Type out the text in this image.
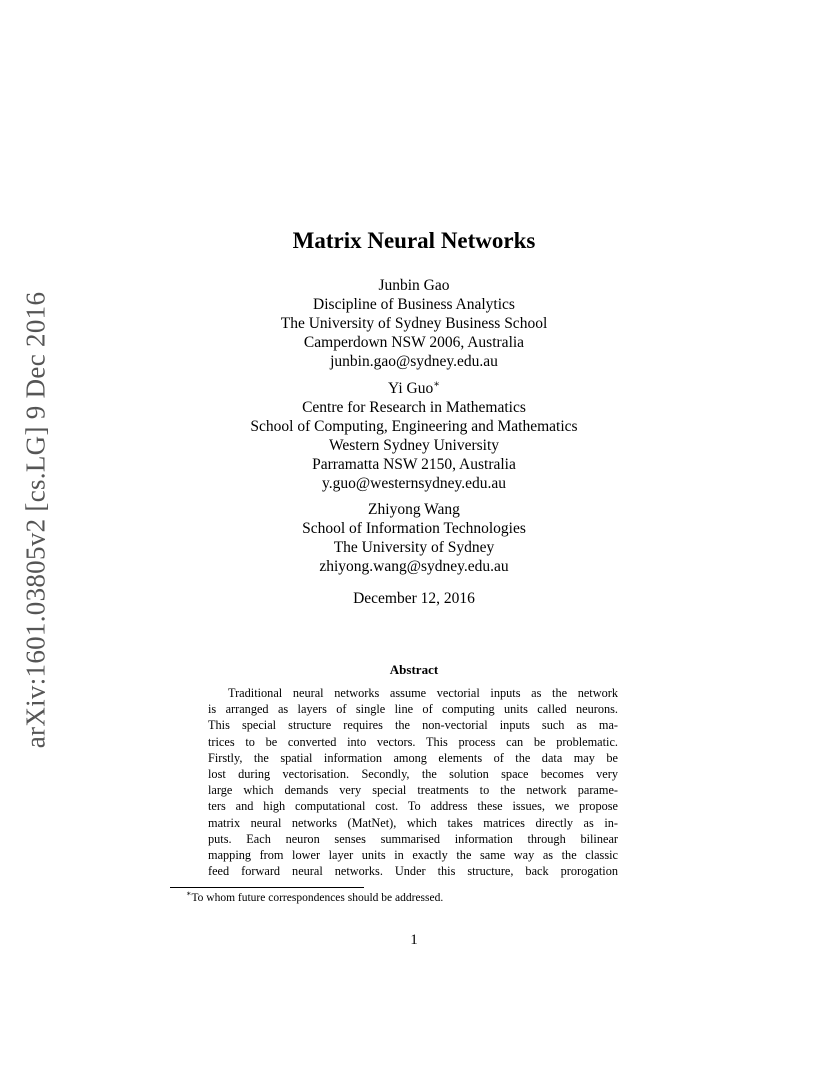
arXiv:1601.03805v2 [cs.LG] 9 Dec 2016
Matrix Neural Networks
Junbin Gao
Discipline of Business Analytics
The University of Sydney Business School
Camperdown NSW 2006, Australia
junbin.gao@sydney.edu.au
Yi Guo∗
Centre for Research in Mathematics
School of Computing, Engineering and Mathematics
Western Sydney University
Parramatta NSW 2150, Australia
y.guo@westernsydney.edu.au
Zhiyong Wang
School of Information Technologies
The University of Sydney
zhiyong.wang@sydney.edu.au
December 12, 2016
Abstract
Traditional neural networks assume vectorial inputs as the network
is arranged as layers of single line of computing units called neurons.
This special structure requires the non-vectorial inputs such as ma-
trices to be converted into vectors. This process can be problematic.
Firstly, the spatial information among elements of the data may be
lost during vectorisation. Secondly, the solution space becomes very
large which demands very special treatments to the network parame-
ters and high computational cost. To address these issues, we propose
matrix neural networks (MatNet), which takes matrices directly as in-
puts. Each neuron senses summarised information through bilinear
mapping from lower layer units in exactly the same way as the classic
feed forward neural networks. Under this structure, back prorogation
∗To whom future correspondences should be addressed.
1
